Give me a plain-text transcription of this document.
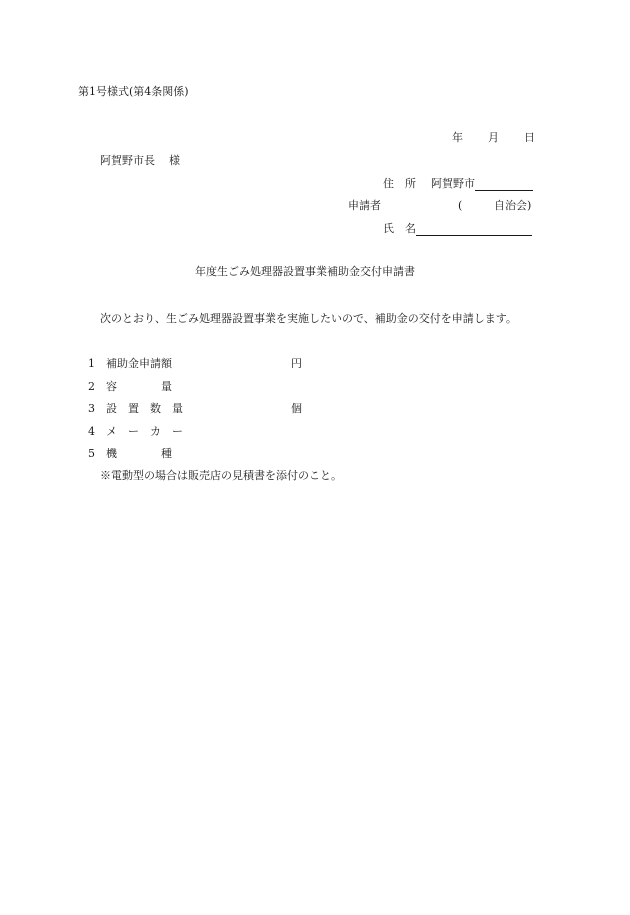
第1号様式(第4条関係)
年 月 日
阿賀野市長 様
住 所 阿賀野市
申請者	(	自治会)
氏 名
年度生ごみ処理器設置事業補助金交付申請書
次のとおり、生ごみ処理器設置事業を実施したいので、補助金の交付を申請します。
1 補助金申請額
2 容　　　　量
3 設　置　数　量
4 メ　ー　カ　ー
5 機　　　　種
円
個
※電動型の場合は販売店の見積書を添付のこと。
